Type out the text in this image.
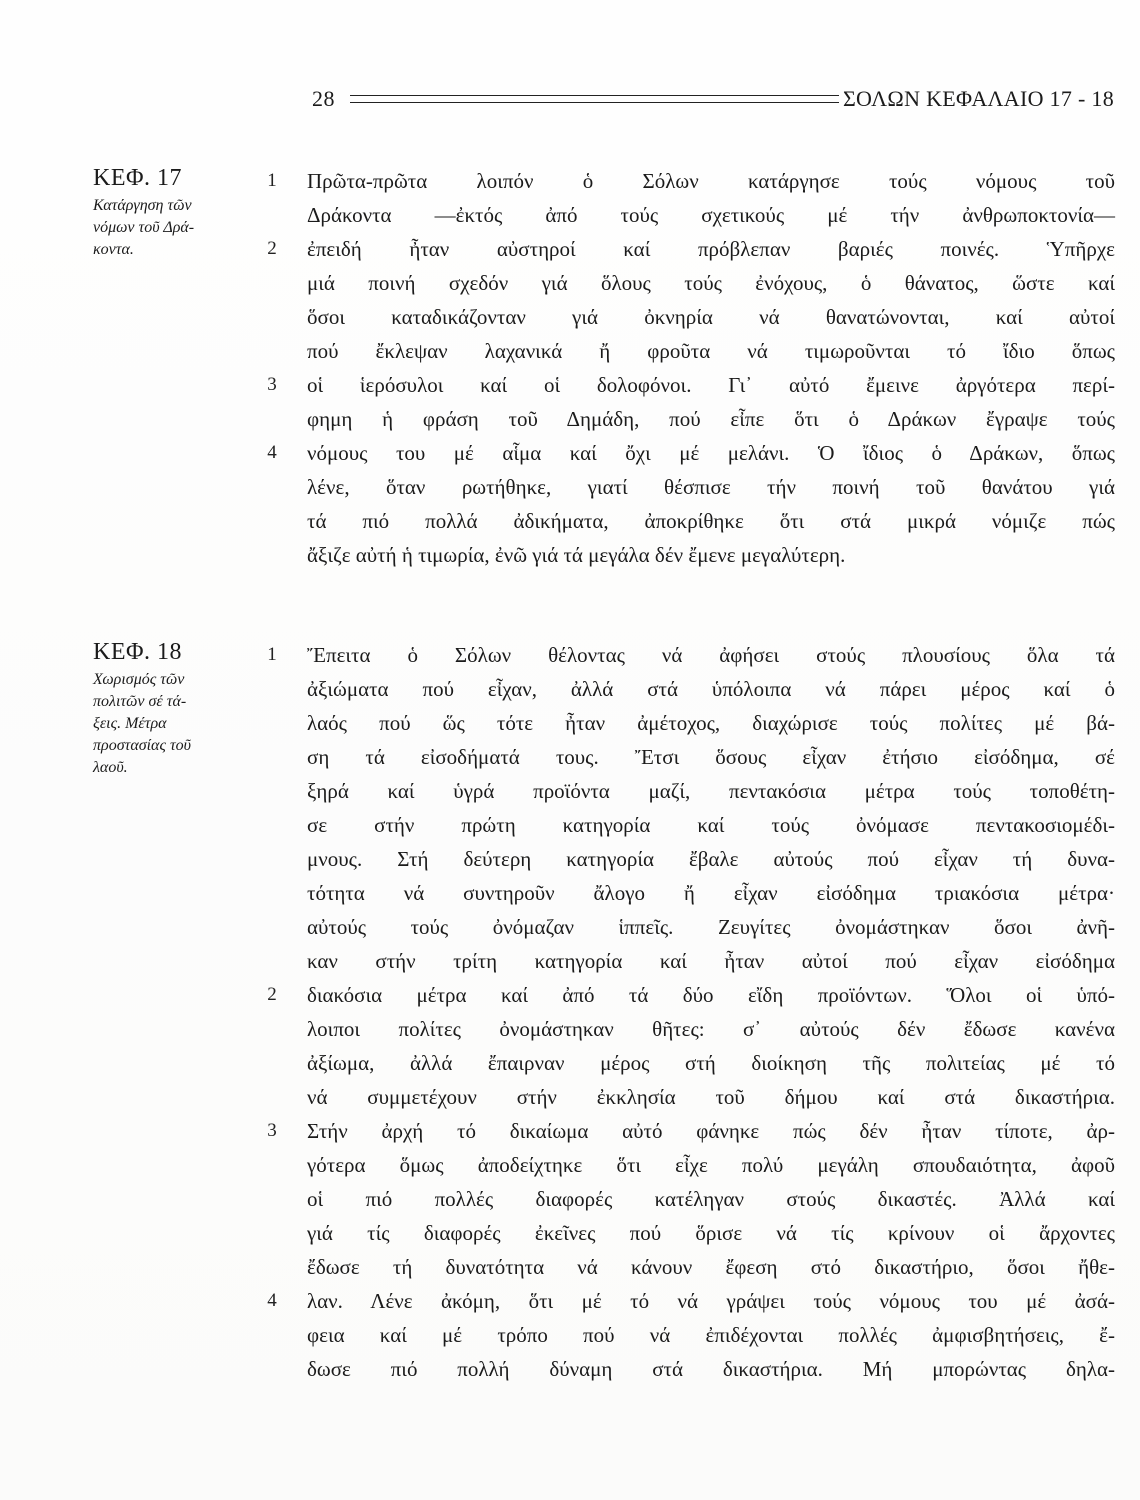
28	ΣΟΛΩΝ ΚΕΦΑΛΑΙΟ 17 - 18
ΚΕΦ. 17
Κατάργηση τῶν
νόμων τοῦ Δρά-
κοντα.
1 Πρῶτα-πρῶτα λοιπόν ὁ Σόλων κατάργησε τούς νόμους τοῦ
Δράκοντα —ἐκτός ἀπό τούς σχετικούς μέ τήν ἀνθρωποκτονία—
2 ἐπειδή ἦταν αὐστηροί καί πρόβλεπαν βαριές ποινές. Ὑπῆρχε
μιά ποινή σχεδόν γιά ὅλους τούς ἐνόχους, ὁ θάνατος, ὥστε καί
ὅσοι καταδικάζονταν γιά ὀκνηρία νά θανατώνονται, καί αὐτοί
πού ἔκλεψαν λαχανικά ἤ φροῦτα νά τιμωροῦνται τό ἴδιο ὅπως
3 οἱ ἱερόσυλοι καί οἱ δολοφόνοι. Γι᾽ αὐτό ἔμεινε ἀργότερα περί-
φημη ἡ φράση τοῦ Δημάδη, πού εἶπε ὅτι ὁ Δράκων ἔγραψε τούς
4 νόμους του μέ αἷμα καί ὄχι μέ μελάνι. Ὁ ἴδιος ὁ Δράκων, ὅπως
λένε, ὅταν ρωτήθηκε, γιατί θέσπισε τήν ποινή τοῦ θανάτου γιά
τά πιό πολλά ἀδικήματα, ἀποκρίθηκε ὅτι στά μικρά νόμιζε πώς
ἄξιζε αὐτή ἡ τιμωρία, ἐνῶ γιά τά μεγάλα δέν ἔμενε μεγαλύτερη.
ΚΕΦ. 18
Χωρισμός τῶν
πολιτῶν σέ τά-
ξεις. Μέτρα
προστασίας τοῦ
λαοῦ.
1 Ἔπειτα ὁ Σόλων θέλοντας νά ἀφήσει στούς πλουσίους ὅλα τά
ἀξιώματα πού εἶχαν, ἀλλά στά ὑπόλοιπα νά πάρει μέρος καί ὁ
λαός πού ὥς τότε ἦταν ἀμέτοχος, διαχώρισε τούς πολίτες μέ βά-
ση τά εἰσοδήματά τους. Ἔτσι ὅσους εἶχαν ἐτήσιο εἰσόδημα, σέ
ξηρά καί ὑγρά προϊόντα μαζί, πεντακόσια μέτρα τούς τοποθέτη-
σε στήν πρώτη κατηγορία καί τούς ὀνόμασε πεντακοσιομέδι-
μνους. Στή δεύτερη κατηγορία ἔβαλε αὐτούς πού εἶχαν τή δυνα-
τότητα νά συντηροῦν ἄλογο ἤ εἶχαν εἰσόδημα τριακόσια μέτρα·
αὐτούς τούς ὀνόμαζαν ἱππεῖς. Ζευγίτες ὀνομάστηκαν ὅσοι ἀνῆ-
καν στήν τρίτη κατηγορία καί ἦταν αὐτοί πού εἶχαν εἰσόδημα
2 διακόσια μέτρα καί ἀπό τά δύο εἴδη προϊόντων. Ὅλοι οἱ ὑπό-
λοιποι πολίτες ὀνομάστηκαν θῆτες: σ᾽ αὐτούς δέν ἔδωσε κανένα
ἀξίωμα, ἀλλά ἔπαιρναν μέρος στή διοίκηση τῆς πολιτείας μέ τό
νά συμμετέχουν στήν ἐκκλησία τοῦ δήμου καί στά δικαστήρια.
3 Στήν ἀρχή τό δικαίωμα αὐτό φάνηκε πώς δέν ἦταν τίποτε, ἀρ-
γότερα ὅμως ἀποδείχτηκε ὅτι εἶχε πολύ μεγάλη σπουδαιότητα, ἀφοῦ
οἱ πιό πολλές διαφορές κατέληγαν στούς δικαστές. Ἀλλά καί
γιά τίς διαφορές ἐκεῖνες πού ὅρισε νά τίς κρίνουν οἱ ἄρχοντες
ἔδωσε τή δυνατότητα νά κάνουν ἔφεση στό δικαστήριο, ὅσοι ἤθε-
4 λαν. Λένε ἀκόμη, ὅτι μέ τό νά γράψει τούς νόμους του μέ ἀσά-
φεια καί μέ τρόπο πού νά ἐπιδέχονται πολλές ἀμφισβητήσεις, ἔ-
δωσε πιό πολλή δύναμη στά δικαστήρια. Μή μπορώντας δηλα-
